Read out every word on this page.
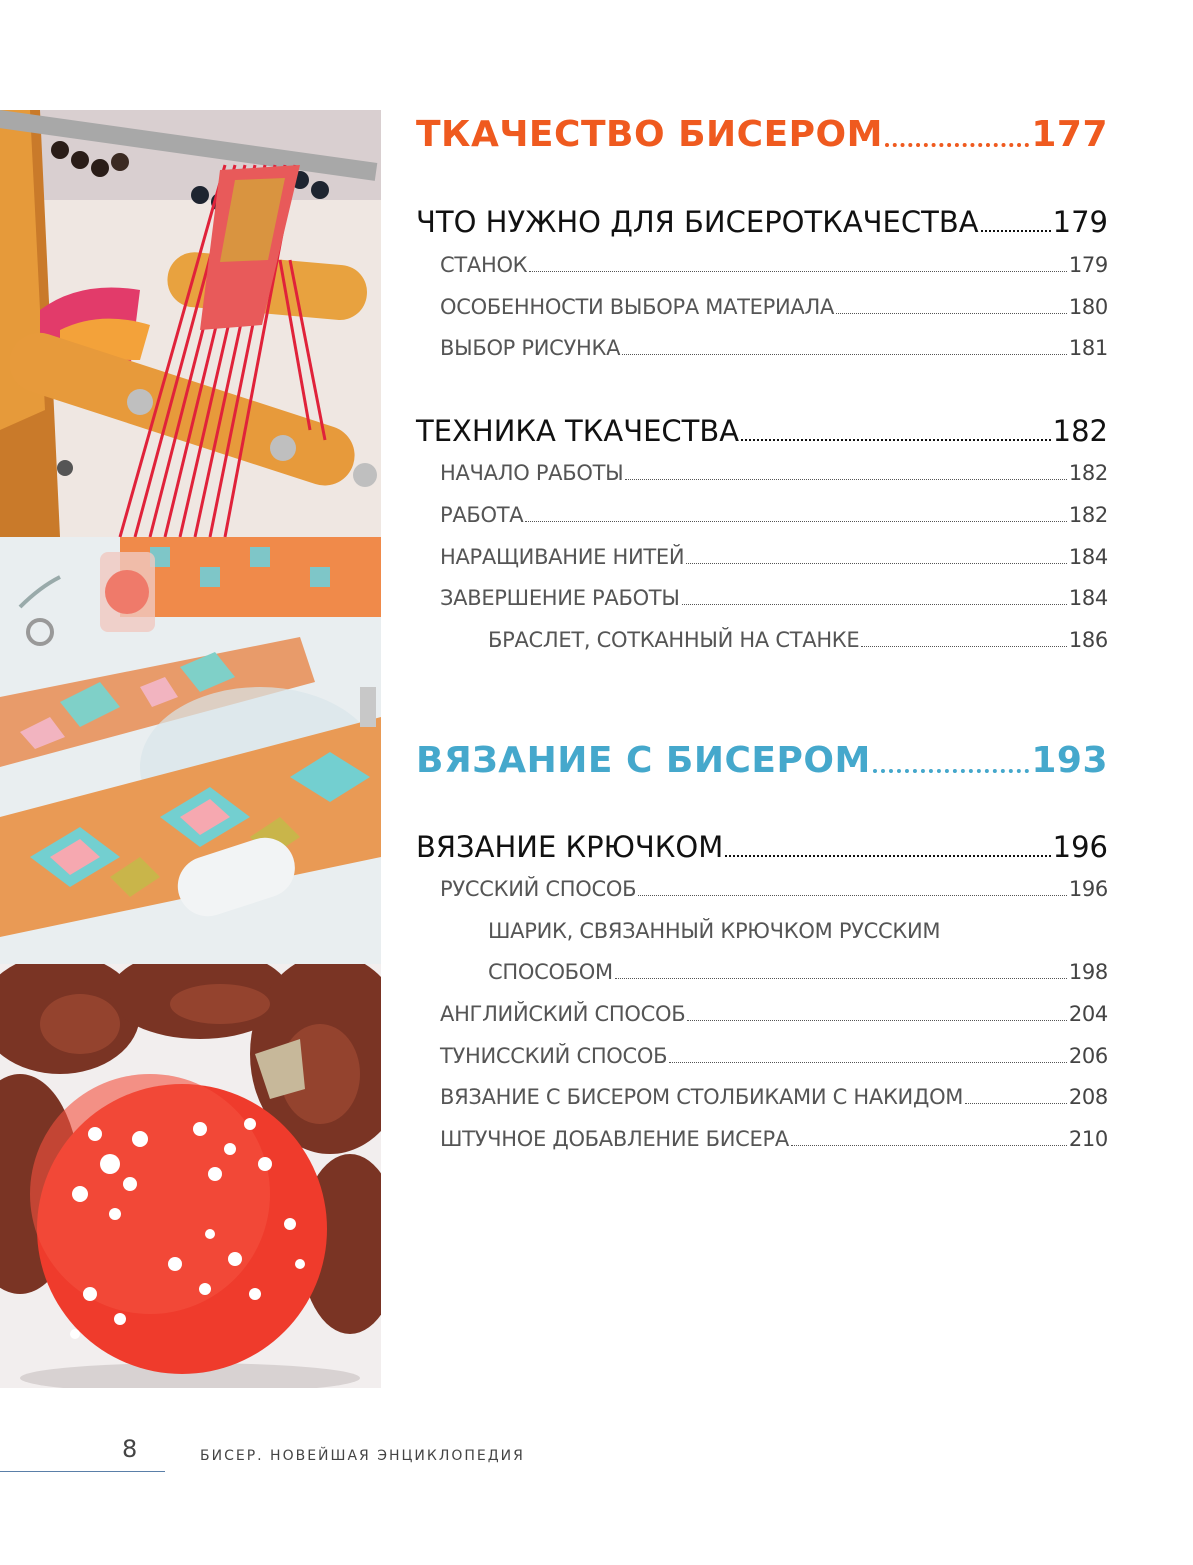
ТКАЧЕСТВО БИСЕРОМ	177
ЧТО НУЖНО ДЛЯ БИСЕРОТКАЧЕСТВА	179
СТАНОК	179
ОСОБЕННОСТИ ВЫБОРА МАТЕРИАЛА	180
ВЫБОР РИСУНКА	181
ТЕХНИКА ТКАЧЕСТВА	182
НАЧАЛО РАБОТЫ	182
РАБОТА	182
НАРАЩИВАНИЕ НИТЕЙ	184
ЗАВЕРШЕНИЕ РАБОТЫ	184
БРАСЛЕТ, СОТКАННЫЙ НА СТАНКЕ	186
ВЯЗАНИЕ С БИСЕРОМ	193
ВЯЗАНИЕ КРЮЧКОМ	196
РУССКИЙ СПОСОБ	196
ШАРИК, СВЯЗАННЫЙ КРЮЧКОМ РУССКИМ
СПОСОБОМ	198
АНГЛИЙСКИЙ СПОСОБ	204
ТУНИССКИЙ СПОСОБ	206
ВЯЗАНИЕ С БИСЕРОМ СТОЛБИКАМИ С НАКИДОМ	208
ШТУЧНОЕ ДОБАВЛЕНИЕ БИСЕРА	210
8	БИСЕР. НОВЕЙШАЯ ЭНЦИКЛОПЕДИЯ
